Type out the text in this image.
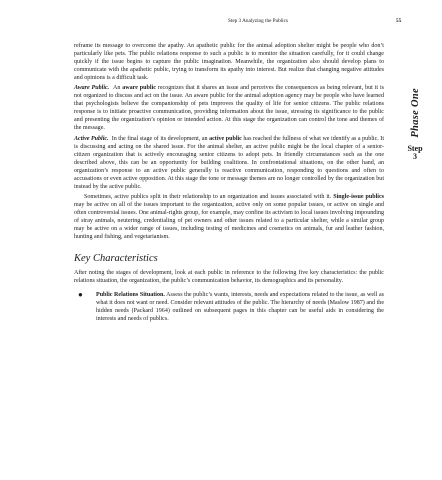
Step 3 Analyzing the Publics	55
Phase One
Step
3

reframe its message to overcome the apathy. An apathetic public for the animal adoption shelter might be people who don’t particularly like pets. The public relations response to such a public is to monitor the situation carefully, for it could change quickly if the issue begins to capture the public imagination. Meanwhile, the organization also should develop plans to communicate with the apathetic public, trying to transform its apathy into interest. But realize that changing negative attitudes and opinions is a difficult task.

Aware Public. An aware public recognizes that it shares an issue and perceives the consequences as being relevant, but it is not organized to discuss and act on the issue. An aware public for the animal adoption agency may be people who have learned that psychologists believe the companionship of pets improves the quality of life for senior citizens. The public relations response is to initiate proactive communication, providing information about the issue, stressing its significance to the public and presenting the organization’s opinion or intended action. At this stage the organization can control the tone and themes of the message.

Active Public. In the final stage of its development, an active public has reached the fullness of what we identify as a public. It is discussing and acting on the shared issue. For the animal shelter, an active public might be the local chapter of a senior-citizen organization that is actively encouraging senior citizens to adopt pets. In friendly circumstances such as the one described above, this can be an opportunity for building coalitions. In confrontational situations, on the other hand, an organization’s response to an active public generally is reactive communication, responding to questions and often to accusations or even active opposition. At this stage the tone or message themes are no longer controlled by the organization but instead by the active public.

Sometimes, active publics split in their relationship to an organization and issues associated with it. Single-issue publics may be active on all of the issues important to the organization, active only on some popular issues, or active on single and often controversial issues. One animal-rights group, for example, may confine its activism to local issues involving impounding of stray animals, neutering, credentialing of pet owners and other issues related to a particular shelter, while a similar group may be active on a wider range of issues, including testing of medicines and cosmetics on animals, fur and leather fashion, hunting and fishing, and vegetarianism.

Key Characteristics

After noting the stages of development, look at each public in reference to the following five key characteristics: the public relations situation, the organization, the public’s communication behavior, its demographics and its personality.

● Public Relations Situation. Assess the public’s wants, interests, needs and expectations related to the issue, as well as what it does not want or need. Consider relevant attitudes of the public. The hierarchy of needs (Maslow 1987) and the hidden needs (Packard 1964) outlined on subsequent pages in this chapter can be useful aids in considering the interests and needs of publics.
